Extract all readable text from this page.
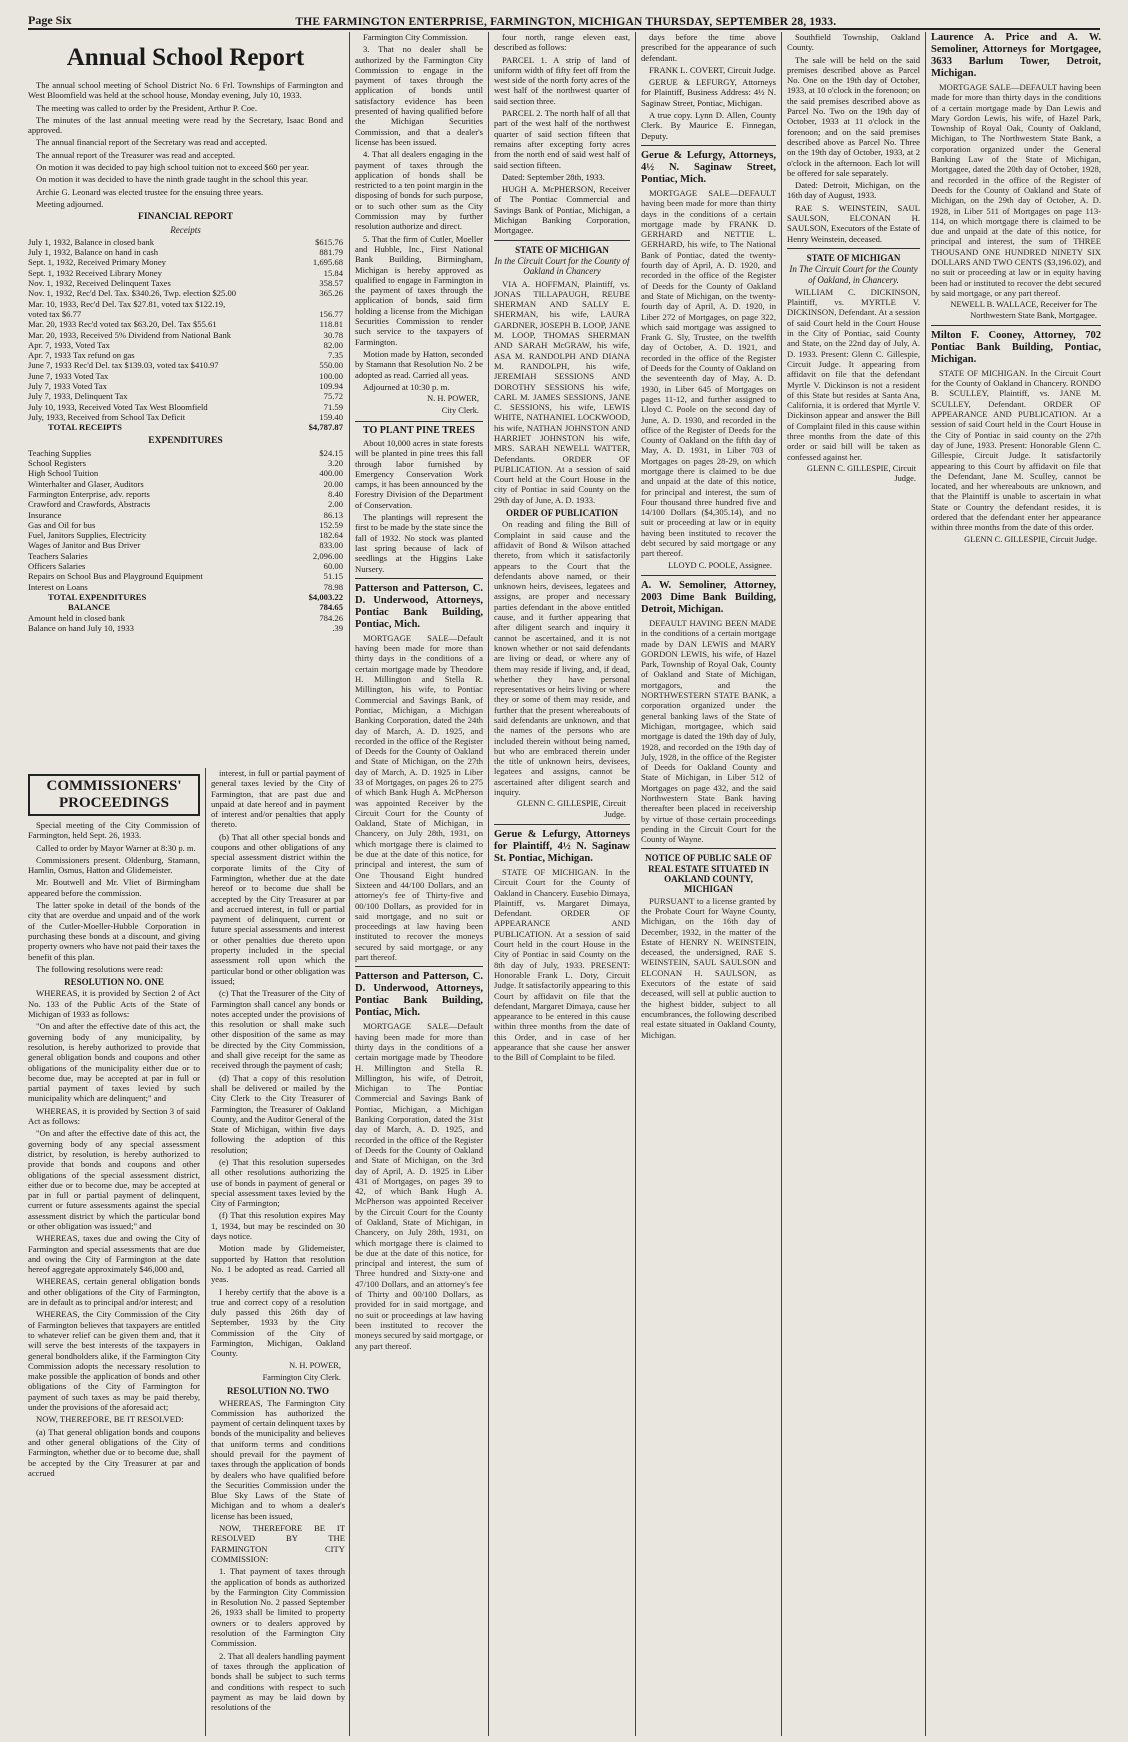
Page Six	THE FARMINGTON ENTERPRISE, FARMINGTON, MICHIGAN THURSDAY, SEPTEMBER 28, 1933.
Annual School Report

The annual school meeting of School District No. 6 Frl. Townships of Farmington and West Bloomfield was held at the school house, Monday evening, July 10, 1933.

The meeting was called to order by the President, Arthur P. Coe.

The minutes of the last annual meeting were read by the Secretary, Isaac Bond and approved.

The annual financial report of the Secretary was read and accepted.

The annual report of the Treasurer was read and accepted.

On motion it was decided to pay high school tuition not to exceed $60 per year.

On motion it was decided to have the ninth grade taught in the school this year.

Archie G. Leonard was elected trustee for the ensuing three years.

Meeting adjourned.

FINANCIAL REPORT
Receipts
July 1, 1932, Balance in closed bank	$615.76
July 1, 1932, Balance on hand in cash	881.79
Sept. 1, 1932, Received Primary Money	1,695.68
Sept. 1, 1932 Received Library Money	15.84
Nov. 1, 1932, Received Delinquent Taxes	358.57
Nov. 1, 1932, Rec'd Del. Tax. $340.26, Twp. election $25.00	365.26
Mar. 10, 1933, Rec'd Del. Tax $27.81, voted tax $122.19,	
voted tax $6.77	156.77
Mar. 20, 1933 Rec'd voted tax $63.20, Del. Tax $55.61	118.81
Mar. 20, 1933, Received 5% Dividend from National Bank	30.78
Apr. 7, 1933, Voted Tax	82.00
Apr. 7, 1933 Tax refund on gas	7.35
June 7, 1933 Rec'd Del. tax $139.03, voted tax $410.97	550.00
June 7, 1933 Voted Tax	100.00
July 7, 1933 Voted Tax	109.94
July 7, 1933, Delinquent Tax	75.72
July 10, 1933, Received Voted Tax West Bloomfield	71.59
July, 1933, Received from School Tax Deficit	159.40
TOTAL RECEIPTS	$4,787.87
EXPENDITURES
Teaching Supplies	$24.15
School Registers	3.20
High School Tuition	400.00
Winterhalter and Glaser, Auditors	20.00
Farmington Enterprise, adv. reports	8.40
Crawford and Crawfords, Abstracts	2.00
Insurance	86.13
Gas and Oil for bus	152.59
Fuel, Janitors Supplies, Electricity	182.64
Wages of Janitor and Bus Driver	833.00
Teachers Salaries	2,096.00
Officers Salaries	60.00
Repairs on School Bus and Playground Equipment	51.15
Interest on Loans	78.98
TOTAL EXPENDITURES	$4,003.22
BALANCE	784.65
Amount held in closed bank	784.26
Balance on hand July 10, 1933	.39
COMMISSIONERS'
PROCEEDINGS

Special meeting of the City Commission of Farmington, held Sept. 26, 1933.

Called to order by Mayor Warner at 8:30 p. m.

Commissioners present. Oldenburg, Stamann, Hamlin, Osmus, Hatton and Glidemeister.

Mr. Boutwell and Mr. Vliet of Birmingham appeared before the commission.

The latter spoke in detail of the bonds of the city that are overdue and unpaid and of the work of the Cutler-Moeller-Hubble Corporation in purchasing these bonds at a discount, and giving property owners who have not paid their taxes the benefit of this plan.

The following resolutions were read:

RESOLUTION NO. ONE

WHEREAS, it is provided by Section 2 of Act No. 133 of the Public Acts of the State of Michigan of 1933 as follows:

"On and after the effective date of this act, the governing body of any municipality, by resolution, is hereby authorized to provide that general obligation bonds and coupons and other obligations of the municipality either due or to become due, may be accepted at par in full or partial payment of taxes levied by such municipality which are delinquent;" and

WHEREAS, it is provided by Section 3 of said Act as follows:

"On and after the effective date of this act, the governing body of any special assessment district, by resolution, is hereby authorized to provide that bonds and coupons and other obligations of the special assessment district, either due or to become due, may be accepted at par in full or partial payment of delinquent, current or future assessments against the special assessment district by which the particular bond or other obligation was issued;" and

WHEREAS, taxes due and owing the City of Farmington and special assessments that are due and owing the City of Farmington at the date hereof aggregate approximately $46,000 and,

WHEREAS, certain general obligation bonds and other obligations of the City of Farmington, are in default as to principal and/or interest; and

WHEREAS, the City Commission of the City of Farmington believes that taxpayers are entitled to whatever relief can be given them and, that it will serve the best interests of the taxpayers in general bondholders alike, if the Farmington City Commission adopts the necessary resolution to make possible the application of bonds and other obligations of the City of Farmington for payment of such taxes as may be paid thereby, under the provisions of the aforesaid act;

NOW, THEREFORE, BE IT RESOLVED:

(a) That general obligation bonds and coupons and other general obligations of the City of Farmington, whether due or to become due, shall be accepted by the City Treasurer at par and accrued

interest, in full or partial payment of general taxes levied by the City of Farmington, that are past due and unpaid at date hereof and in payment of interest and/or penalties that apply thereto.

(b) That all other special bonds and coupons and other obligations of any special assessment district within the corporate limits of the City of Farmington, whether due at the date hereof or to become due shall be accepted by the City Treasurer at par and accrued interest, in full or partial payment of delinquent, current or future special assessments and interest or other penalties due thereto upon property included in the special assessment roll upon which the particular bond or other obligation was issued;

(c) That the Treasurer of the City of Farmington shall cancel any bonds or notes accepted under the provisions of this resolution or shall make such other disposition of the same as may be directed by the City Commission, and shall give receipt for the same as received through the payment of cash;

(d) That a copy of this resolution shall be delivered or mailed by the City Clerk to the City Treasurer of Farmington, the Treasurer of Oakland County, and the Auditor General of the State of Michigan, within five days following the adoption of this resolution;

(e) That this resolution supersedes all other resolutions authorizing the use of bonds in payment of general or special assessment taxes levied by the City of Farmington;

(f) That this resolution expires May 1, 1934, but may be rescinded on 30 days notice.

Motion made by Glidemeister, supported by Hatton that resolution No. 1 be adopted as read. Carried all yeas.

I hereby certify that the above is a true and correct copy of a resolution duly passed this 26th day of September, 1933 by the City Commission of the City of Farmington, Michigan, Oakland County.

N. H. POWER,
Farmington City Clerk.
RESOLUTION NO. TWO

WHEREAS, The Farmington City Commission has authorized the payment of certain delinquent taxes by bonds of the municipality and believes that uniform terms and conditions should prevail for the payment of taxes through the application of bonds by dealers who have qualified before the Securities Commission under the Blue Sky Laws of the State of Michigan and to whom a dealer's license has been issued,

NOW, THEREFORE BE IT RESOLVED BY THE FARMINGTON CITY COMMISSION:

1. That payment of taxes through the application of bonds as authorized by the Farmington City Commission in Resolution No. 2 passed September 26, 1933 shall be limited to property owners or to dealers approved by resolution of the Farmington City Commission.

2. That all dealers handling payment of taxes through the application of bonds shall be subject to such terms and conditions with respect to such payment as may be laid down by resolutions of the

Farmington City Commission.

3. That no dealer shall be authorized by the Farmington City Commission to engage in the payment of taxes through the application of bonds until satisfactory evidence has been presented of having qualified before the Michigan Securities Commission, and that a dealer's license has been issued.

4. That all dealers engaging in the payment of taxes through the application of bonds shall be restricted to a ten point margin in the disposing of bonds for such purpose, or to such other sum as the City Commission may by further resolution authorize and direct.

5. That the firm of Cutler, Moeller and Hubble, Inc., First National Bank Building, Birmingham, Michigan is hereby approved as qualified to engage in Farmington in the payment of taxes through the application of bonds, said firm holding a license from the Michigan Securities Commission to render such service to the taxpayers of Farmington.

Motion made by Hatton, seconded by Stamann that Resolution No. 2 be adopted as read. Carried all yeas.

Adjourned at 10:30 p. m.

N. H. POWER,
City Clerk.
TO PLANT PINE TREES

About 10,000 acres in state forests will be planted in pine trees this fall through labor furnished by Emergency Conservation Work camps, it has been announced by the Forestry Division of the Department of Conservation.

The plantings will represent the first to be made by the state since the fall of 1932. No stock was planted last spring because of lack of seedlings at the Higgins Lake Nursery.

Patterson and Patterson, C. D. Underwood, Attorneys, Pontiac Bank Building, Pontiac, Mich.

MORTGAGE SALE—Default having been made for more than thirty days in the conditions of a certain mortgage made by Theodore H. Millington and Stella R. Millington, his wife, to Pontiac Commercial and Savings Bank, of Pontiac, Michigan, a Michigan Banking Corporation, dated the 24th day of March, A. D. 1925, and recorded in the office of the Register of Deeds for the County of Oakland and State of Michigan, on the 27th day of March, A. D. 1925 in Liber 33 of Mortgages, on pages 26 to 275 of which Bank Hugh A. McPherson was appointed Receiver by the Circuit Court for the County of Oakland, State of Michigan, in Chancery, on July 28th, 1931, on which mortgage there is claimed to be due at the date of this notice, for principal and interest, the sum of One Thousand Eight hundred Sixteen and 44/100 Dollars, and an attorney's fee of Thirty-five and 00/100 Dollars, as provided for in said mortgage, and no suit or proceedings at law having been instituted to recover the moneys secured by said mortgage, or any part thereof.

Patterson and Patterson, C. D. Underwood, Attorneys, Pontiac Bank Building, Pontiac, Mich.

MORTGAGE SALE—Default having been made for more than thirty days in the conditions of a certain mortgage made by Theodore H. Millington and Stella R. Millington, his wife, of Detroit, Michigan to The Pontiac Commercial and Savings Bank of Pontiac, Michigan, a Michigan Banking Corporation, dated the 31st day of March, A. D. 1925, and recorded in the office of the Register of Deeds for the County of Oakland and State of Michigan, on the 3rd day of April, A. D. 1925 in Liber 431 of Mortgages, on pages 39 to 42, of which Bank Hugh A. McPherson was appointed Receiver by the Circuit Court for the County of Oakland, State of Michigan, in Chancery, on July 28th, 1931, on which mortgage there is claimed to be due at the date of this notice, for principal and interest, the sum of Three hundred and Sixty-one and 47/100 Dollars, and an attorney's fee of Thirty and 00/100 Dollars, as provided for in said mortgage, and no suit or proceedings at law having been instituted to recover the moneys secured by said mortgage, or any part thereof.

four north, range eleven east, described as follows:

PARCEL 1. A strip of land of uniform width of fifty feet off from the west side of the north forty acres of the west half of the northwest quarter of said section three.

PARCEL 2. The north half of all that part of the west half of the northwest quarter of said section fifteen that remains after excepting forty acres from the north end of said west half of said section fifteen.

Dated: September 28th, 1933.

HUGH A. McPHERSON, Receiver of The Pontiac Commercial and Savings Bank of Pontiac, Michigan, a Michigan Banking Corporation, Mortgagee.

STATE OF MICHIGAN
In the Circuit Court for the County of Oakland in Chancery

VIA A. HOFFMAN, Plaintiff, vs. JONAS TILLAPAUGH, REUBE SHERMAN AND SALLY E. SHERMAN, his wife, LAURA GARDNER, JOSEPH B. LOOP, JANE M. LOOP, THOMAS SHERMAN AND SARAH McGRAW, his wife, ASA M. RANDOLPH AND DIANA M. RANDOLPH, his wife, JEREMIAH SESSIONS AND DOROTHY SESSIONS his wife, CARL M. JAMES SESSIONS, JANE C. SESSIONS, his wife, LEWIS WHITE, NATHANIEL LOCKWOOD, his wife, NATHAN JOHNSTON AND HARRIET JOHNSTON his wife, MRS. SARAH NEWELL WATTER, Defendants. ORDER OF PUBLICATION. At a session of said Court held at the Court House in the city of Pontiac in said County on the 29th day of June, A. D. 1933.

ORDER OF PUBLICATION

On reading and filing the Bill of Complaint in said cause and the affidavit of Bond & Wilson attached thereto, from which it satisfactorily appears to the Court that the defendants above named, or their unknown heirs, devisees, legatees and assigns, are proper and necessary parties defendant in the above entitled cause, and it further appearing that after diligent search and inquiry it cannot be ascertained, and it is not known whether or not said defendants are living or dead, or where any of them may reside if living, and, if dead, whether they have personal representatives or heirs living or where they or some of them may reside, and further that the present whereabouts of said defendants are unknown, and that the names of the persons who are included therein without being named, but who are embraced therein under the title of unknown heirs, devisees, legatees and assigns, cannot be ascertained after diligent search and inquiry.

GLENN C. GILLESPIE, Circuit Judge.

Gerue & Lefurgy, Attorneys for Plaintiff, 4½ N. Saginaw St. Pontiac, Michigan.

STATE OF MICHIGAN. In the Circuit Court for the County of Oakland in Chancery. Eusebio Dimaya, Plaintiff, vs. Margaret Dimaya, Defendant. ORDER OF APPEARANCE AND PUBLICATION. At a session of said Court held in the court House in the City of Pontiac in said County on the 8th day of July, 1933. PRESENT: Honorable Frank L. Doty, Circuit Judge. It satisfactorily appearing to this Court by affidavit on file that the defendant, Margaret Dimaya, cause her appearance to be entered in this cause within three months from the date of this Order, and in case of her appearance that she cause her answer to the Bill of Complaint to be filed.

days before the time above prescribed for the appearance of such defendant.

FRANK L. COVERT, Circuit Judge.

GERUE & LEFURGY, Attorneys for Plaintiff, Business Address: 4½ N. Saginaw Street, Pontiac, Michigan.

A true copy. Lynn D. Allen, County Clerk. By Maurice E. Finnegan, Deputy.

Gerue & Lefurgy, Attorneys, 4½ N. Saginaw Street, Pontiac, Mich.

MORTGAGE SALE—DEFAULT having been made for more than thirty days in the conditions of a certain mortgage made by FRANK D. GERHARD and NETTIE L. GERHARD, his wife, to The National Bank of Pontiac, dated the twenty-fourth day of April, A. D. 1920, and recorded in the office of the Register of Deeds for the County of Oakland and State of Michigan, on the twenty-fourth day of April, A. D. 1920, in Liber 272 of Mortgages, on page 322, which said mortgage was assigned to Frank G. Sly, Trustee, on the twelfth day of October, A. D. 1921, and recorded in the office of the Register of Deeds for the County of Oakland on the seventeenth day of May, A. D. 1930, in Liber 645 of Mortgages on pages 11-12, and further assigned to Lloyd C. Poole on the second day of June, A. D. 1930, and recorded in the office of the Register of Deeds for the County of Oakland on the fifth day of May, A. D. 1931, in Liber 703 of Mortgages on pages 28-29, on which mortgage there is claimed to be due and unpaid at the date of this notice, for principal and interest, the sum of Four thousand three hundred five and 14/100 Dollars ($4,305.14), and no suit or proceeding at law or in equity having been instituted to recover the debt secured by said mortgage or any part thereof.

LLOYD C. POOLE, Assignee.

A. W. Semoliner, Attorney, 2003 Dime Bank Building, Detroit, Michigan.

DEFAULT HAVING BEEN MADE in the conditions of a certain mortgage made by DAN LEWIS and MARY GORDON LEWIS, his wife, of Hazel Park, Township of Royal Oak, County of Oakland and State of Michigan, mortgagors, and the NORTHWESTERN STATE BANK, a corporation organized under the general banking laws of the State of Michigan, mortgagee, which said mortgage is dated the 19th day of July, 1928, and recorded on the 19th day of July, 1928, in the office of the Register of Deeds for Oakland County and State of Michigan, in Liber 512 of Mortgages on page 432, and the said Northwestern State Bank having thereafter been placed in receivership by virtue of those certain proceedings pending in the Circuit Court for the County of Wayne.

NOTICE OF PUBLIC SALE OF REAL ESTATE SITUATED IN OAKLAND COUNTY, MICHIGAN

PURSUANT to a license granted by the Probate Court for Wayne County, Michigan, on the 16th day of December, 1932, in the matter of the Estate of HENRY N. WEINSTEIN, deceased, the undersigned, RAE S. WEINSTEIN, SAUL SAULSON and ELCONAN H. SAULSON, as Executors of the estate of said deceased, will sell at public auction to the highest bidder, subject to all encumbrances, the following described real estate situated in Oakland County, Michigan.

Southfield Township, Oakland County.

The sale will be held on the said premises described above as Parcel No. One on the 19th day of October, 1933, at 10 o'clock in the forenoon; on the said premises described above as Parcel No. Two on the 19th day of October, 1933 at 11 o'clock in the forenoon; and on the said premises described above as Parcel No. Three on the 19th day of October, 1933, at 2 o'clock in the afternoon. Each lot will be offered for sale separately.

Dated: Detroit, Michigan, on the 16th day of August, 1933.

RAE S. WEINSTEIN, SAUL SAULSON, ELCONAN H. SAULSON, Executors of the Estate of Henry Weinstein, deceased.

STATE OF MICHIGAN
In The Circuit Court for the County of Oakland, in Chancery.

WILLIAM C. DICKINSON, Plaintiff, vs. MYRTLE V. DICKINSON, Defendant. At a session of said Court held in the Court House in the City of Pontiac, said County and State, on the 22nd day of July, A. D. 1933. Present: Glenn C. Gillespie, Circuit Judge. It appearing from affidavit on file that the defendant Myrtle V. Dickinson is not a resident of this State but resides at Santa Ana, California, it is ordered that Myrtle V. Dickinson appear and answer the Bill of Complaint filed in this cause within three months from the date of this order or said bill will be taken as confessed against her.

GLENN C. GILLESPIE, Circuit Judge.

Laurence A. Price and A. W. Semoliner, Attorneys for Mortgagee, 3633 Barlum Tower, Detroit, Michigan.

MORTGAGE SALE—DEFAULT having been made for more than thirty days in the conditions of a certain mortgage made by Dan Lewis and Mary Gordon Lewis, his wife, of Hazel Park, Township of Royal Oak, County of Oakland, Michigan, to The Northwestern State Bank, a corporation organized under the General Banking Law of the State of Michigan, Mortgagee, dated the 20th day of October, 1928, and recorded in the office of the Register of Deeds for the County of Oakland and State of Michigan, on the 29th day of October, A. D. 1928, in Liber 511 of Mortgages on page 113-114, on which mortgage there is claimed to be due and unpaid at the date of this notice, for principal and interest, the sum of THREE THOUSAND ONE HUNDRED NINETY SIX DOLLARS AND TWO CENTS ($3,196.02), and no suit or proceeding at law or in equity having been had or instituted to recover the debt secured by said mortgage, or any part thereof.

NEWELL B. WALLACE, Receiver for The Northwestern State Bank, Mortgagee.

Milton F. Cooney, Attorney, 702 Pontiac Bank Building, Pontiac, Michigan.

STATE OF MICHIGAN. In the Circuit Court for the County of Oakland in Chancery. RONDO B. SCULLEY, Plaintiff, vs. JANE M. SCULLEY, Defendant. ORDER OF APPEARANCE AND PUBLICATION. At a session of said Court held in the Court House in the City of Pontiac in said county on the 27th day of June, 1933. Present: Honorable Glenn C. Gillespie, Circuit Judge. It satisfactorily appearing to this Court by affidavit on file that the Defendant, Jane M. Sculley, cannot be located, and her whereabouts are unknown, and that the Plaintiff is unable to ascertain in what State or Country the defendant resides, it is ordered that the defendant enter her appearance within three months from the date of this order.

GLENN C. GILLESPIE, Circuit Judge.
